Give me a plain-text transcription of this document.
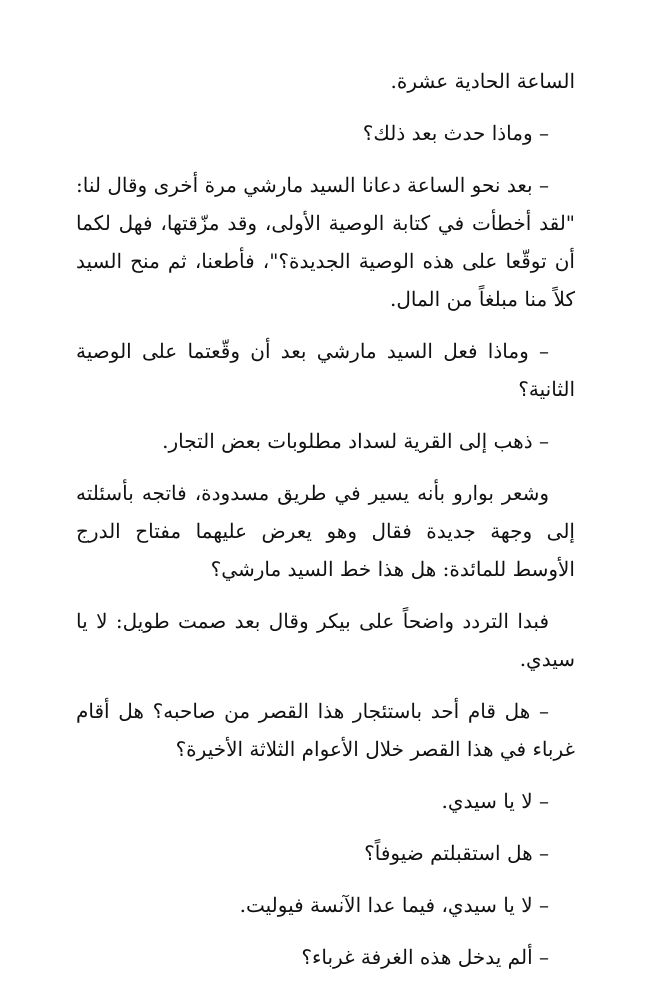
الساعة الحادية عشرة.

– وماذا حدث بعد ذلك؟

– بعد نحو الساعة دعانا السيد مارشي مرة أخرى وقال لنا: "لقد أخطأت في كتابة الوصية الأولى، وقد مزّقتها، فهل لكما أن توقّعا على هذه الوصية الجديدة؟"، فأطعنا، ثم منح السيد كلاً منا مبلغاً من المال.

– وماذا فعل السيد مارشي بعد أن وقّعتما على الوصية الثانية؟

– ذهب إلى القرية لسداد مطلوبات بعض التجار.

وشعر بوارو بأنه يسير في طريق مسدودة، فاتجه بأسئلته إلى وجهة جديدة فقال وهو يعرض عليهما مفتاح الدرج الأوسط للمائدة: هل هذا خط السيد مارشي؟

فبدا التردد واضحاً على بيكر وقال بعد صمت طويل: لا يا سيدي.

– هل قام أحد باستئجار هذا القصر من صاحبه؟ هل أقام غرباء في هذا القصر خلال الأعوام الثلاثة الأخيرة؟

– لا يا سيدي.

– هل استقبلتم ضيوفاً؟

– لا يا سيدي، فيما عدا الآنسة فيوليت.

– ألم يدخل هذه الغرفة غرباء؟
